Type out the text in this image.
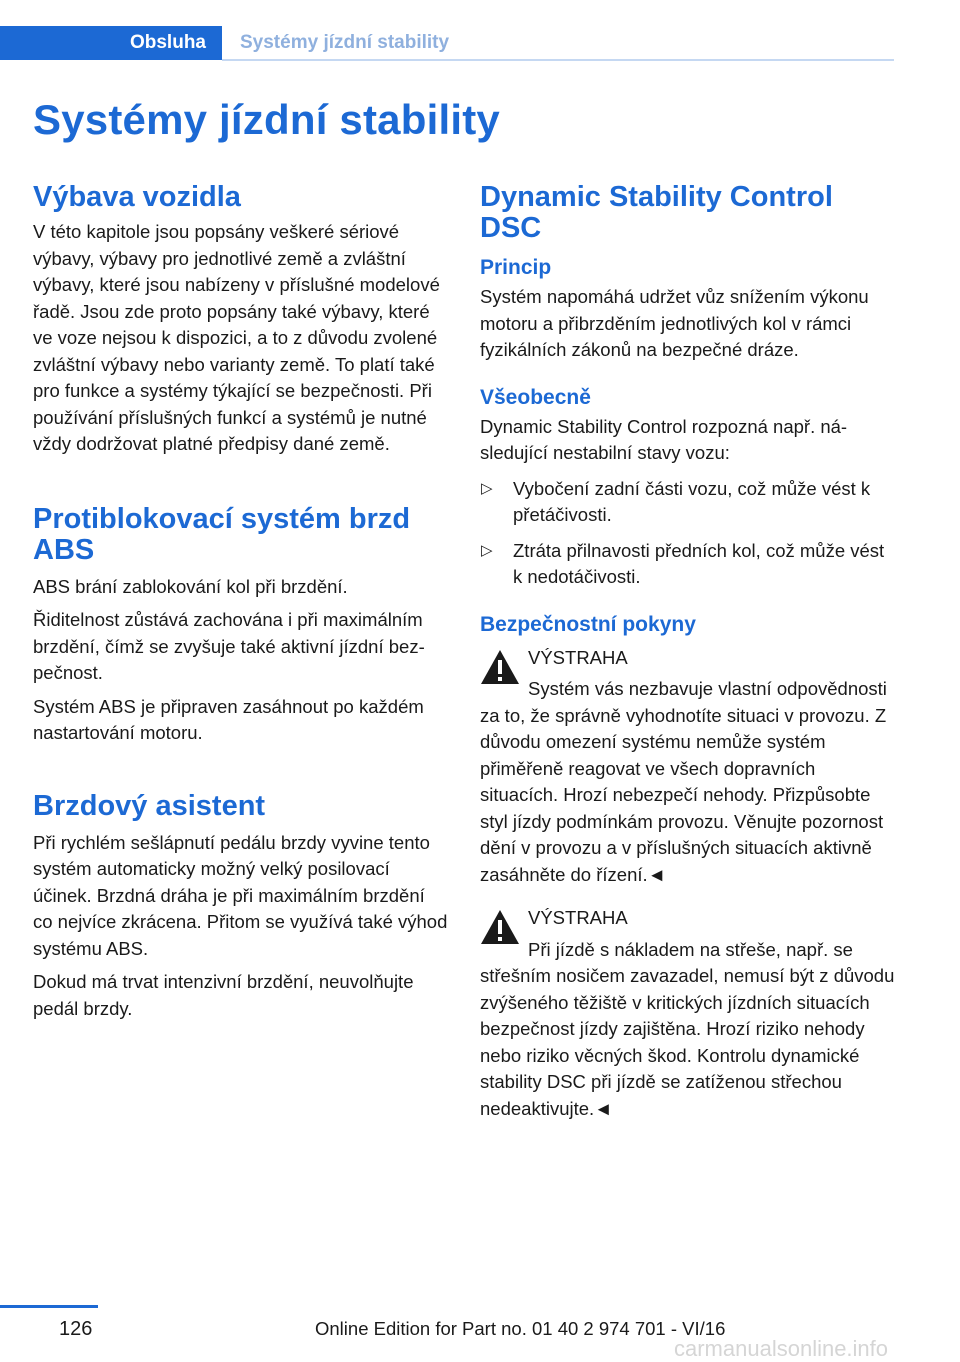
Obsluha Systémy jízdní stability
Systémy jízdní stability
Výbava vozidla

V této kapitole jsou popsány veškeré sériové výbavy, výbavy pro jednotlivé země a zvláštní výbavy, které jsou nabízeny v příslušné modelové řadě. Jsou zde proto popsány také výbavy, které ve voze nejsou k dispozici, a to z důvodu zvolené zvláštní výbavy nebo varianty země. To platí také pro funkce a systémy týkající se bezpečnosti. Při používání příslušných funkcí a systémů je nutné vždy dodržovat platné předpisy dané země.

Protiblokovací systém brzd ABS

ABS brání zablokování kol při brzdění.

Řiditelnost zůstává zachována i při maximálním brzdění, čímž se zvyšuje také aktivní jízdní bezpečnost.

Systém ABS je připraven zasáhnout po každém nastartování motoru.

Brzdový asistent

Při rychlém sešlápnutí pedálu brzdy vyvine tento systém automaticky možný velký posilovací účinek. Brzdná dráha je při maximálním brzdění co nejvíce zkrácena. Přitom se využívá také výhod systému ABS.

Dokud má trvat intenzivní brzdění, neuvolňujte pedál brzdy.

Dynamic Stability Control DSC
Princip

Systém napomáhá udržet vůz snížením výkonu motoru a přibrzděním jednotlivých kol v rámci fyzikálních zákonů na bezpečné dráze.

Všeobecně

Dynamic Stability Control rozpozná např. následující nestabilní stavy vozu:

▷ Vybočení zadní části vozu, což může vést k přetáčivosti.
▷ Ztráta přilnavosti předních kol, což může vést k nedotáčivosti.
Bezpečnostní pokyny
VÝSTRAHA
Systém vás nezbavuje vlastní odpovědnosti za to, že správně vyhodnotíte situaci v provozu. Z důvodu omezení systému nemůže systém přiměřeně reagovat ve všech dopravních situacích. Hrozí nebezpečí nehody. Přizpůsobte styl jízdy podmínkám provozu. Věnujte pozornost dění v provozu a v příslušných situacích aktivně zasáhněte do řízení.◄
VÝSTRAHA
Při jízdě s nákladem na střeše, např. se střešním nosičem zavazadel, nemusí být z důvodu zvýšeného těžiště v kritických jízdních situacích bezpečnost jízdy zajištěna. Hrozí riziko nehody nebo riziko věcných škod. Kontrolu dynamické stability DSC při jízdě se zatíženou střechou nedeaktivujte.◄
126	Online Edition for Part no. 01 40 2 974 701 - VI/16
carmanualsonline.info
